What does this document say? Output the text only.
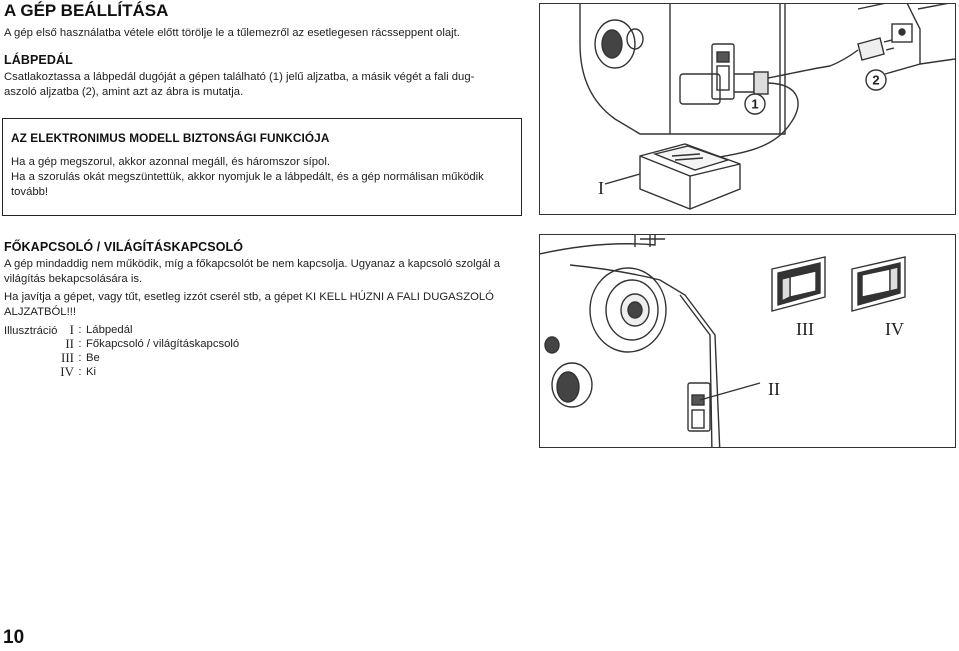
A GÉP BEÁLLÍTÁSA
A gép első használatba vétele előtt törölje le a tűlemezről az esetlegesen rácsseppent olajt.
LÁBPEDÁL
Csatlakoztassa a lábpedál dugóját a gépen található (1) jelű aljzatba, a másik végét a fali dug-
aszoló aljzatba (2), amint azt az ábra is mutatja.
AZ ELEKTRONIMUS MODELL BIZTONSÁGI FUNKCIÓJA
Ha a gép megszorul, akkor azonnal megáll, és háromszor sípol.
Ha a szorulás okát megszüntettük, akkor nyomjuk le a lábpedált, és a gép normálisan működik
tovább!
1
2
I
FŐKAPCSOLÓ / VILÁGÍTÁSKAPCSOLÓ
A gép mindaddig nem működik, míg a főkapcsolót be nem kapcsolja. Ugyanaz a kapcsoló szolgál a
világítás bekapcsolására is.
Ha javítja a gépet, vagy tűt, esetleg izzót cserél stb, a gépet KI KELL HÚZNI A FALI DUGASZOLÓ
ALJZATBÓL!!!
Illusztráció I : Lábpedál
II : Főkapcsoló / világításkapcsoló
III : Be
IV : Ki
III	IV
II
10
